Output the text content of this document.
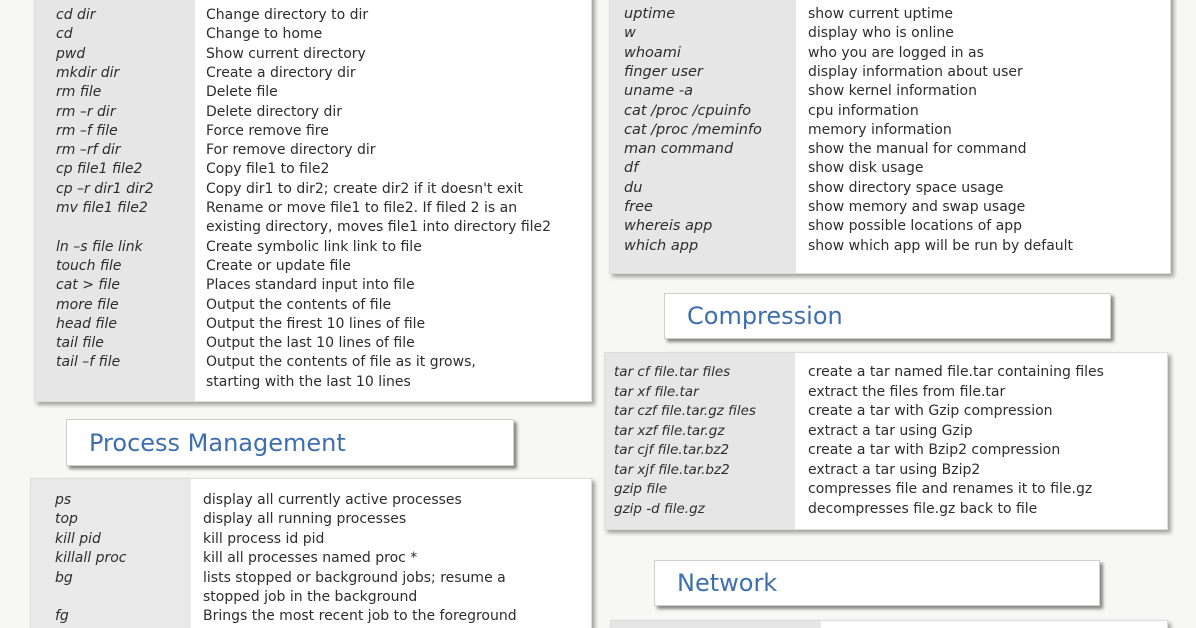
cd dir	Change directory to dir
cd	Change to home
pwd	Show current directory
mkdir dir	Create a directory dir
rm file	Delete file
rm –r dir	Delete directory dir
rm –f file	Force remove fire
rm –rf dir	For remove directory dir
cp file1 file2	Copy file1 to file2
cp –r dir1 dir2	Copy dir1 to dir2; create dir2 if it doesn't exit
mv file1 file2	Rename or move file1 to file2. If filed 2 is an
existing directory, moves file1 into directory file2
ln –s file link	Create symbolic link link to file
touch file	Create or update file
cat > file	Places standard input into file
more file	Output the contents of file
head file	Output the firest 10 lines of file
tail file	Output the last 10 lines of file
tail –f file	Output the contents of file as it grows,
starting with the last 10 lines
Process Management
ps	display all currently active processes
top	display all running processes
kill pid	kill process id pid
killall proc	kill all processes named proc *
bg	lists stopped or background jobs; resume a
stopped job in the background
fg	Brings the most recent job to the foreground
uptime	show current uptime
w	display who is online
whoami	who you are logged in as
finger user	display information about user
uname -a	show kernel information
cat /proc /cpuinfo	cpu information
cat /proc /meminfo	memory information
man command	show the manual for command
df	show disk usage
du	show directory space usage
free	show memory and swap usage
whereis app	show possible locations of app
which app	show which app will be run by default
Compression
tar cf file.tar files	create a tar named file.tar containing files
tar xf file.tar	extract the files from file.tar
tar czf file.tar.gz files	create a tar with Gzip compression
tar xzf file.tar.gz	extract a tar using Gzip
tar cjf file.tar.bz2	create a tar with Bzip2 compression
tar xjf file.tar.bz2	extract a tar using Bzip2
gzip file	compresses file and renames it to file.gz
gzip -d file.gz	decompresses file.gz back to file
Network
